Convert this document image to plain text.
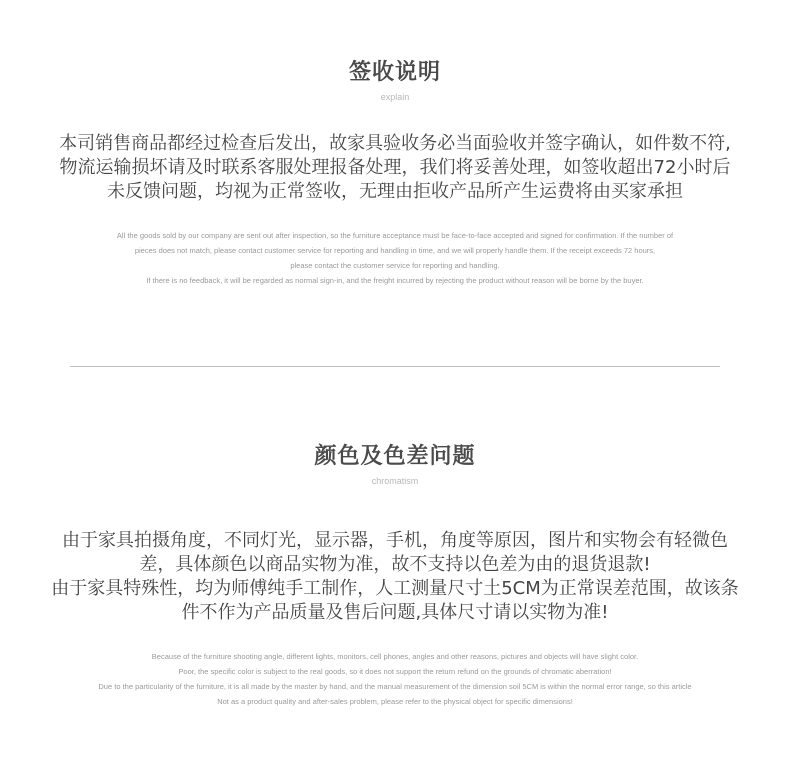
签收说明
explain
本司销售商品都经过检查后发出，故家具验收务必当面验收并签字确认，如件数不符,
物流运输损坏请及时联系客服处理报备处理，我们将妥善处理，如签收超出72小时后
未反馈问题，均视为正常签收，无理由拒收产品所产生运费将由买家承担
All the goods sold by our company are sent out after inspection, so the furniture acceptance must be face-to-face accepted and signed for confirmation. If the number of
pieces does not match, please contact customer service for reporting and handling in time, and we will properly handle them. If the receipt exceeds 72 hours,
please contact the customer service for reporting and handling.
If there is no feedback, it will be regarded as normal sign-in, and the freight incurred by rejecting the product without reason will be borne by the buyer.
颜色及色差问题
chromatism
由于家具拍摄角度，不同灯光，显示器，手机，角度等原因，图片和实物会有轻微色
差，具体颜色以商品实物为准，故不支持以色差为由的退货退款!
由于家具特殊性，均为师傅纯手工制作，人工测量尺寸土5CM为正常误差范围，故该条
件不作为产品质量及售后问题,具体尺寸请以实物为准!
Because of the furniture shooting angle, different lights, monitors, cell phones, angles and other reasons, pictures and objects will have slight color.
Poor, the specific color is subject to the real goods, so it does not support the return refund on the grounds of chromatic aberration!
Due to the particularity of the furniture, it is all made by the master by hand, and the manual measurement of the dimension soil 5CM is within the normal error range, so this article
Not as a product quality and after-sales problem, please refer to the physical object for specific dimensions!
